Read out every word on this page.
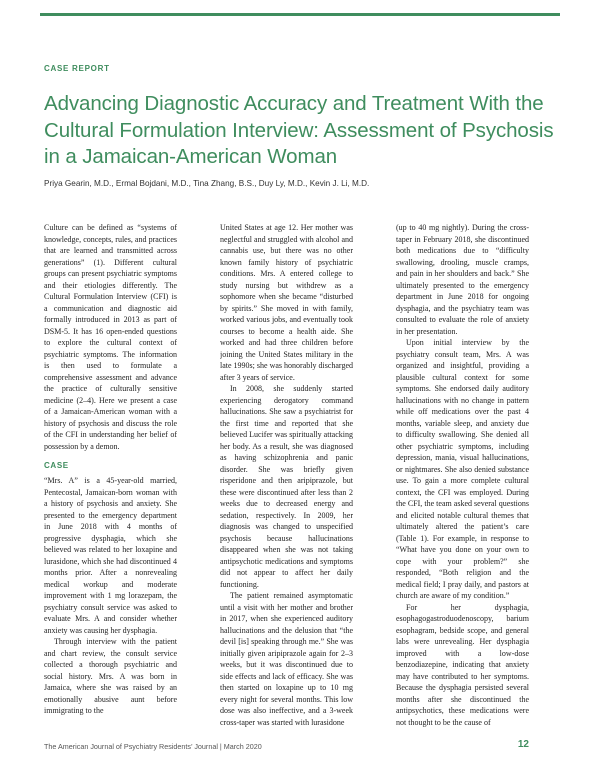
CASE REPORT
Advancing Diagnostic Accuracy and Treatment With the Cultural Formulation Interview: Assessment of Psychosis in a Jamaican-American Woman
Priya Gearin, M.D., Ermal Bojdani, M.D., Tina Zhang, B.S., Duy Ly, M.D., Kevin J. Li, M.D.

Culture can be defined as “systems of knowledge, concepts, rules, and practices that are learned and transmitted across generations” (1). Different cultural groups can present psychiatric symptoms and their etiologies differently. The Cultural Formulation Interview (CFI) is a communication and diagnostic aid formally introduced in 2013 as part of DSM-5. It has 16 open-ended questions to explore the cultural context of psychiatric symptoms. The information is then used to formulate a comprehensive assessment and advance the practice of culturally sensitive medicine (2–4). Here we present a case of a Jamaican-American woman with a history of psychosis and discuss the role of the CFI in understanding her belief of possession by a demon.

CASE

“Mrs. A” is a 45-year-old married, Pentecostal, Jamaican-born woman with a history of psychosis and anxiety. She presented to the emergency department in June 2018 with 4 months of progressive dysphagia, which she believed was related to her loxapine and lurasidone, which she had discontinued 4 months prior. After a nonrevealing medical workup and moderate improvement with 1 mg lorazepam, the psychiatry consult service was asked to evaluate Mrs. A and consider whether anxiety was causing her dysphagia.

Through interview with the patient and chart review, the consult service collected a thorough psychiatric and social history. Mrs. A was born in Jamaica, where she was raised by an emotionally abusive aunt before immigrating to the

United States at age 12. Her mother was neglectful and struggled with alcohol and cannabis use, but there was no other known family history of psychiatric conditions. Mrs. A entered college to study nursing but withdrew as a sophomore when she became “disturbed by spirits.” She moved in with family, worked various jobs, and eventually took courses to become a health aide. She worked and had three children before joining the United States military in the late 1990s; she was honorably discharged after 3 years of service.

In 2008, she suddenly started experiencing derogatory command hallucinations. She saw a psychiatrist for the first time and reported that she believed Lucifer was spiritually attacking her body. As a result, she was diagnosed as having schizophrenia and panic disorder. She was briefly given risperidone and then aripiprazole, but these were discontinued after less than 2 weeks due to decreased energy and sedation, respectively. In 2009, her diagnosis was changed to unspecified psychosis because hallucinations disappeared when she was not taking antipsychotic medications and symptoms did not appear to affect her daily functioning.

The patient remained asymptomatic until a visit with her mother and brother in 2017, when she experienced auditory hallucinations and the delusion that “the devil [is] speaking through me.” She was initially given aripiprazole again for 2–3 weeks, but it was discontinued due to side effects and lack of efficacy. She was then started on loxapine up to 10 mg every night for several months. This low dose was also ineffective, and a 3-week cross-taper was started with lurasidone

(up to 40 mg nightly). During the cross-taper in February 2018, she discontinued both medications due to “difficulty swallowing, drooling, muscle cramps, and pain in her shoulders and back.” She ultimately presented to the emergency department in June 2018 for ongoing dysphagia, and the psychiatry team was consulted to evaluate the role of anxiety in her presentation.

Upon initial interview by the psychiatry consult team, Mrs. A was organized and insightful, providing a plausible cultural context for some symptoms. She endorsed daily auditory hallucinations with no change in pattern while off medications over the past 4 months, variable sleep, and anxiety due to difficulty swallowing. She denied all other psychiatric symptoms, including depression, mania, visual hallucinations, or nightmares. She also denied substance use. To gain a more complete cultural context, the CFI was employed. During the CFI, the team asked several questions and elicited notable cultural themes that ultimately altered the patient’s care (Table 1). For example, in response to “What have you done on your own to cope with your problem?” she responded, “Both religion and the medical field; I pray daily, and pastors at church are aware of my condition.”

For her dysphagia, esophagogastroduodenoscopy, barium esophagram, bedside scope, and general labs were unrevealing. Her dysphagia improved with a low-dose benzodiazepine, indicating that anxiety may have contributed to her symptoms. Because the dysphagia persisted several months after she discontinued the antipsychotics, these medications were not thought to be the cause of

The American Journal of Psychiatry Residents’ Journal | March 2020	12
